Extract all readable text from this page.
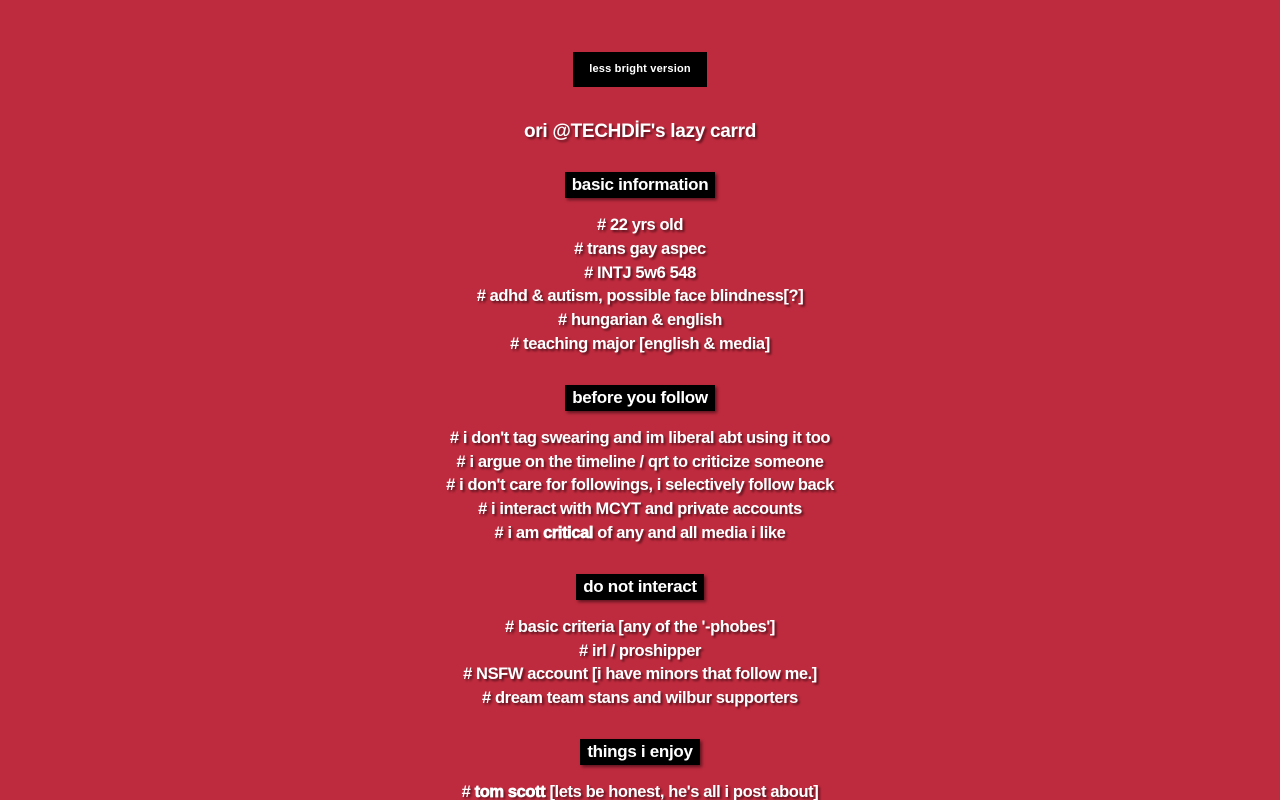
less bright version
ori @TECHDİF's lazy carrd
basic information

# 22 yrs old

# trans gay aspec

# INTJ 5w6 548

# adhd & autism, possible face blindness[?]

# hungarian & english

# teaching major [english & media]

before you follow

# i don't tag swearing and im liberal abt using it too

# i argue on the timeline / qrt to criticize someone

# i don't care for followings, i selectively follow back

# i interact with MCYT and private accounts

# i am critical of any and all media i like

do not interact

# basic criteria [any of the '-phobes']

# irl / proshipper

# NSFW account [i have minors that follow me.]

# dream team stans and wilbur supporters

things i enjoy

# tom scott [lets be honest, he's all i post about]
